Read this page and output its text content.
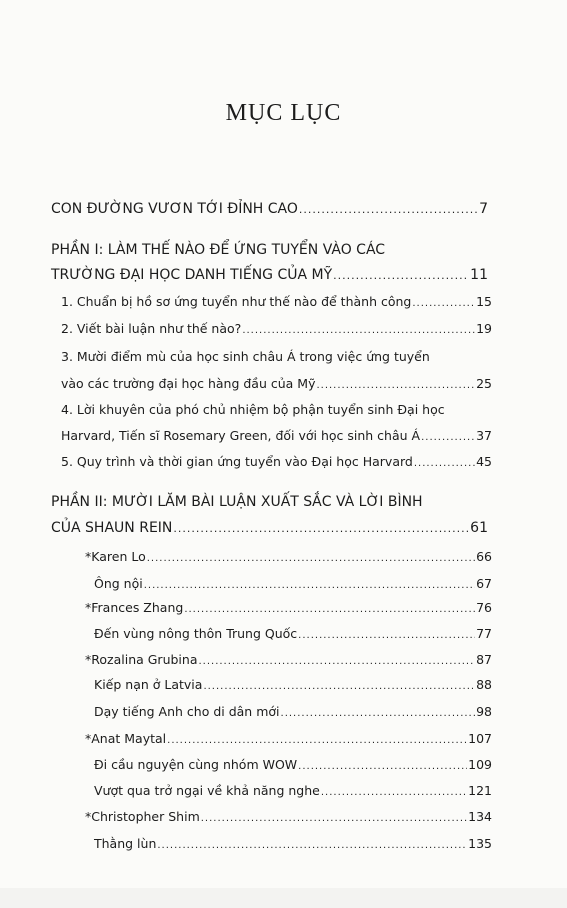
MỤC LỤC
CON ĐƯỜNG VƯƠN TỚI ĐỈNH CAO .....	7
PHẦN I: LÀM THẾ NÀO ĐỂ ỨNG TUYỂN VÀO CÁC
TRƯỜNG ĐẠI HỌC DANH TIẾNG CỦA MỸ .....	11
1. Chuẩn bị hồ sơ ứng tuyển như thế nào để thành công .....	15
2. Viết bài luận như thế nào? .....	19
3. Mười điểm mù của học sinh châu Á trong việc ứng tuyển
vào các trường đại học hàng đầu của Mỹ .....	25
4. Lời khuyên của phó chủ nhiệm bộ phận tuyển sinh Đại học
Harvard, Tiến sĩ Rosemary Green, đối với học sinh châu Á .....	37
5. Quy trình và thời gian ứng tuyển vào Đại học Harvard .....	45
PHẦN II: MƯỜI LĂM BÀI LUẬN XUẤT SẮC VÀ LỜI BÌNH
CỦA SHAUN REIN .....	61
* Karen Lo .....	66
Ông nội .....	67
* Frances Zhang .....	76
Đến vùng nông thôn Trung Quốc .....	77
* Rozalina Grubina .....	87
Kiếp nạn ở Latvia .....	88
Dạy tiếng Anh cho di dân mới .....	98
* Anat Maytal .....	107
Đi cầu nguyện cùng nhóm WOW .....	109
Vượt qua trở ngại về khả năng nghe .....	121
* Christopher Shim .....	134
Thằng lùn .....	135
